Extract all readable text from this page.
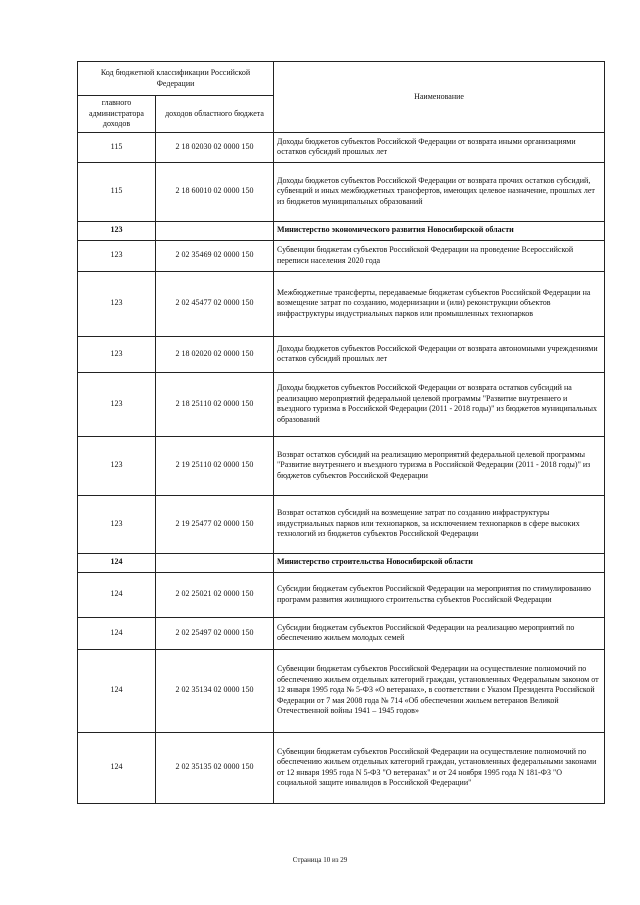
Код бюджетной классификации Российской Федерации		Наименование
главного администратора доходов	доходов областного бюджета	
115	2 18 02030 02 0000 150	Доходы бюджетов субъектов Российской Федерации от возврата иными организациями остатков субсидий прошлых лет
115	2 18 60010 02 0000 150	Доходы бюджетов субъектов Российской Федерации от возврата прочих остатков субсидий, субвенций и иных межбюджетных трансфертов, имеющих целевое назначение, прошлых лет из бюджетов муниципальных образований
123		Министерство экономического развития Новосибирской области
123	2 02 35469 02 0000 150	Субвенции бюджетам субъектов Российской Федерации на проведение Всероссийской переписи населения 2020 года
123	2 02 45477 02 0000 150	Межбюджетные трансферты, передаваемые бюджетам субъектов Российской Федерации на возмещение затрат по созданию, модернизации и (или) реконструкции объектов инфраструктуры индустриальных парков или промышленных технопарков
123	2 18 02020 02 0000 150	Доходы бюджетов субъектов Российской Федерации от возврата автономными учреждениями остатков субсидий прошлых лет
123	2 18 25110 02 0000 150	Доходы бюджетов субъектов Российской Федерации от возврата остатков субсидий на реализацию мероприятий федеральной целевой программы "Развитие внутреннего и въездного туризма в Российской Федерации (2011 - 2018 годы)" из бюджетов муниципальных образований
123	2 19 25110 02 0000 150	Возврат остатков субсидий на реализацию мероприятий федеральной целевой программы "Развитие внутреннего и въездного туризма в Российской Федерации (2011 - 2018 годы)" из бюджетов субъектов Российской Федерации
123	2 19 25477 02 0000 150	Возврат остатков субсидий на возмещение затрат по созданию инфраструктуры индустриальных парков или технопарков, за исключением технопарков в сфере высоких технологий из бюджетов субъектов Российской Федерации
124		Министерство строительства Новосибирской области
124	2 02 25021 02 0000 150	Субсидии бюджетам субъектов Российской Федерации на мероприятия по стимулированию программ развития жилищного строительства субъектов Российской Федерации
124	2 02 25497 02 0000 150	Субсидии бюджетам субъектов Российской Федерации на реализацию мероприятий по обеспечению жильем молодых семей
124	2 02 35134 02 0000 150	Субвенции бюджетам субъектов Российской Федерации на осуществление полномочий по обеспечению жильем отдельных категорий граждан, установленных Федеральным законом от 12 января 1995 года № 5-ФЗ «О ветеранах», в соответствии с Указом Президента Российской Федерации от 7 мая 2008 года № 714 «Об обеспечении жильем ветеранов Великой Отечественной войны 1941 – 1945 годов»
124	2 02 35135 02 0000 150	Субвенции бюджетам субъектов Российской Федерации на осуществление полномочий по обеспечению жильем отдельных категорий граждан, установленных федеральными законами от 12 января 1995 года N 5-ФЗ "О ветеранах" и от 24 ноября 1995 года N 181-ФЗ "О социальной защите инвалидов в Российской Федерации"
Страница 10 из 29
